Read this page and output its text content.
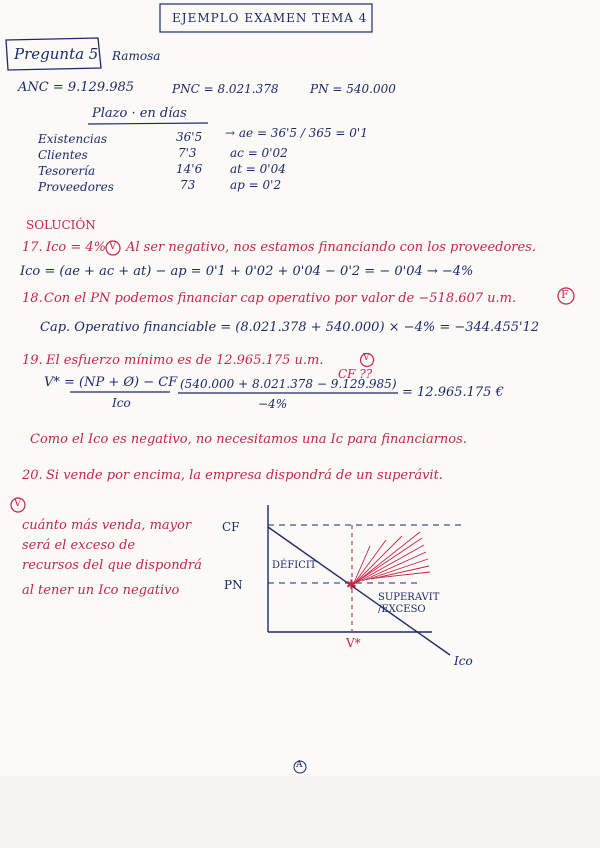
✱
EJEMPLO EXAMEN TEMA 4
Pregunta 5 Ramosa
ANC = 9.129.985	PNC = 8.021.378	PN = 540.000
Plazo · en días
Existencias	36'5 → ae = 36'5 / 365 = 0'1
Clientes	7'3	ac = 0'02
Tesorería	14'6 at = 0'04
Proveedores	73	ap = 0'2
SOLUCIÓN
17. Ico = 4% V Al ser negativo, nos estamos financiando con los proveedores.
Ico = (ae + ac + at) − ap = 0'1 + 0'02 + 0'04 − 0'2 = − 0'04 → −4%
18. Con el PN podemos financiar cap operativo por valor de −518.607 u.m.	F
Cap. Operativo financiable = (8.021.378 + 540.000) × −4% = −344.455'12
19. El esfuerzo mínimo es de 12.965.175 u.m.	V
CF ??
V* = (NP + Ø) − CF
Ico
(540.000 + 8.021.378 − 9.129.985)
−4%
= 12.965.175 €
Como el Ico es negativo, no necesitamos una Ic para financiarnos.
20. Si vende por encima, la empresa dispondrá de un superávit.
V
cuánto más venda, mayor
será el exceso de
recursos del que dispondrá
al tener un Ico negativo
CF
PN
DÉFICIT
SUPERAVIT
/EXCESO
V*
Ico
A
